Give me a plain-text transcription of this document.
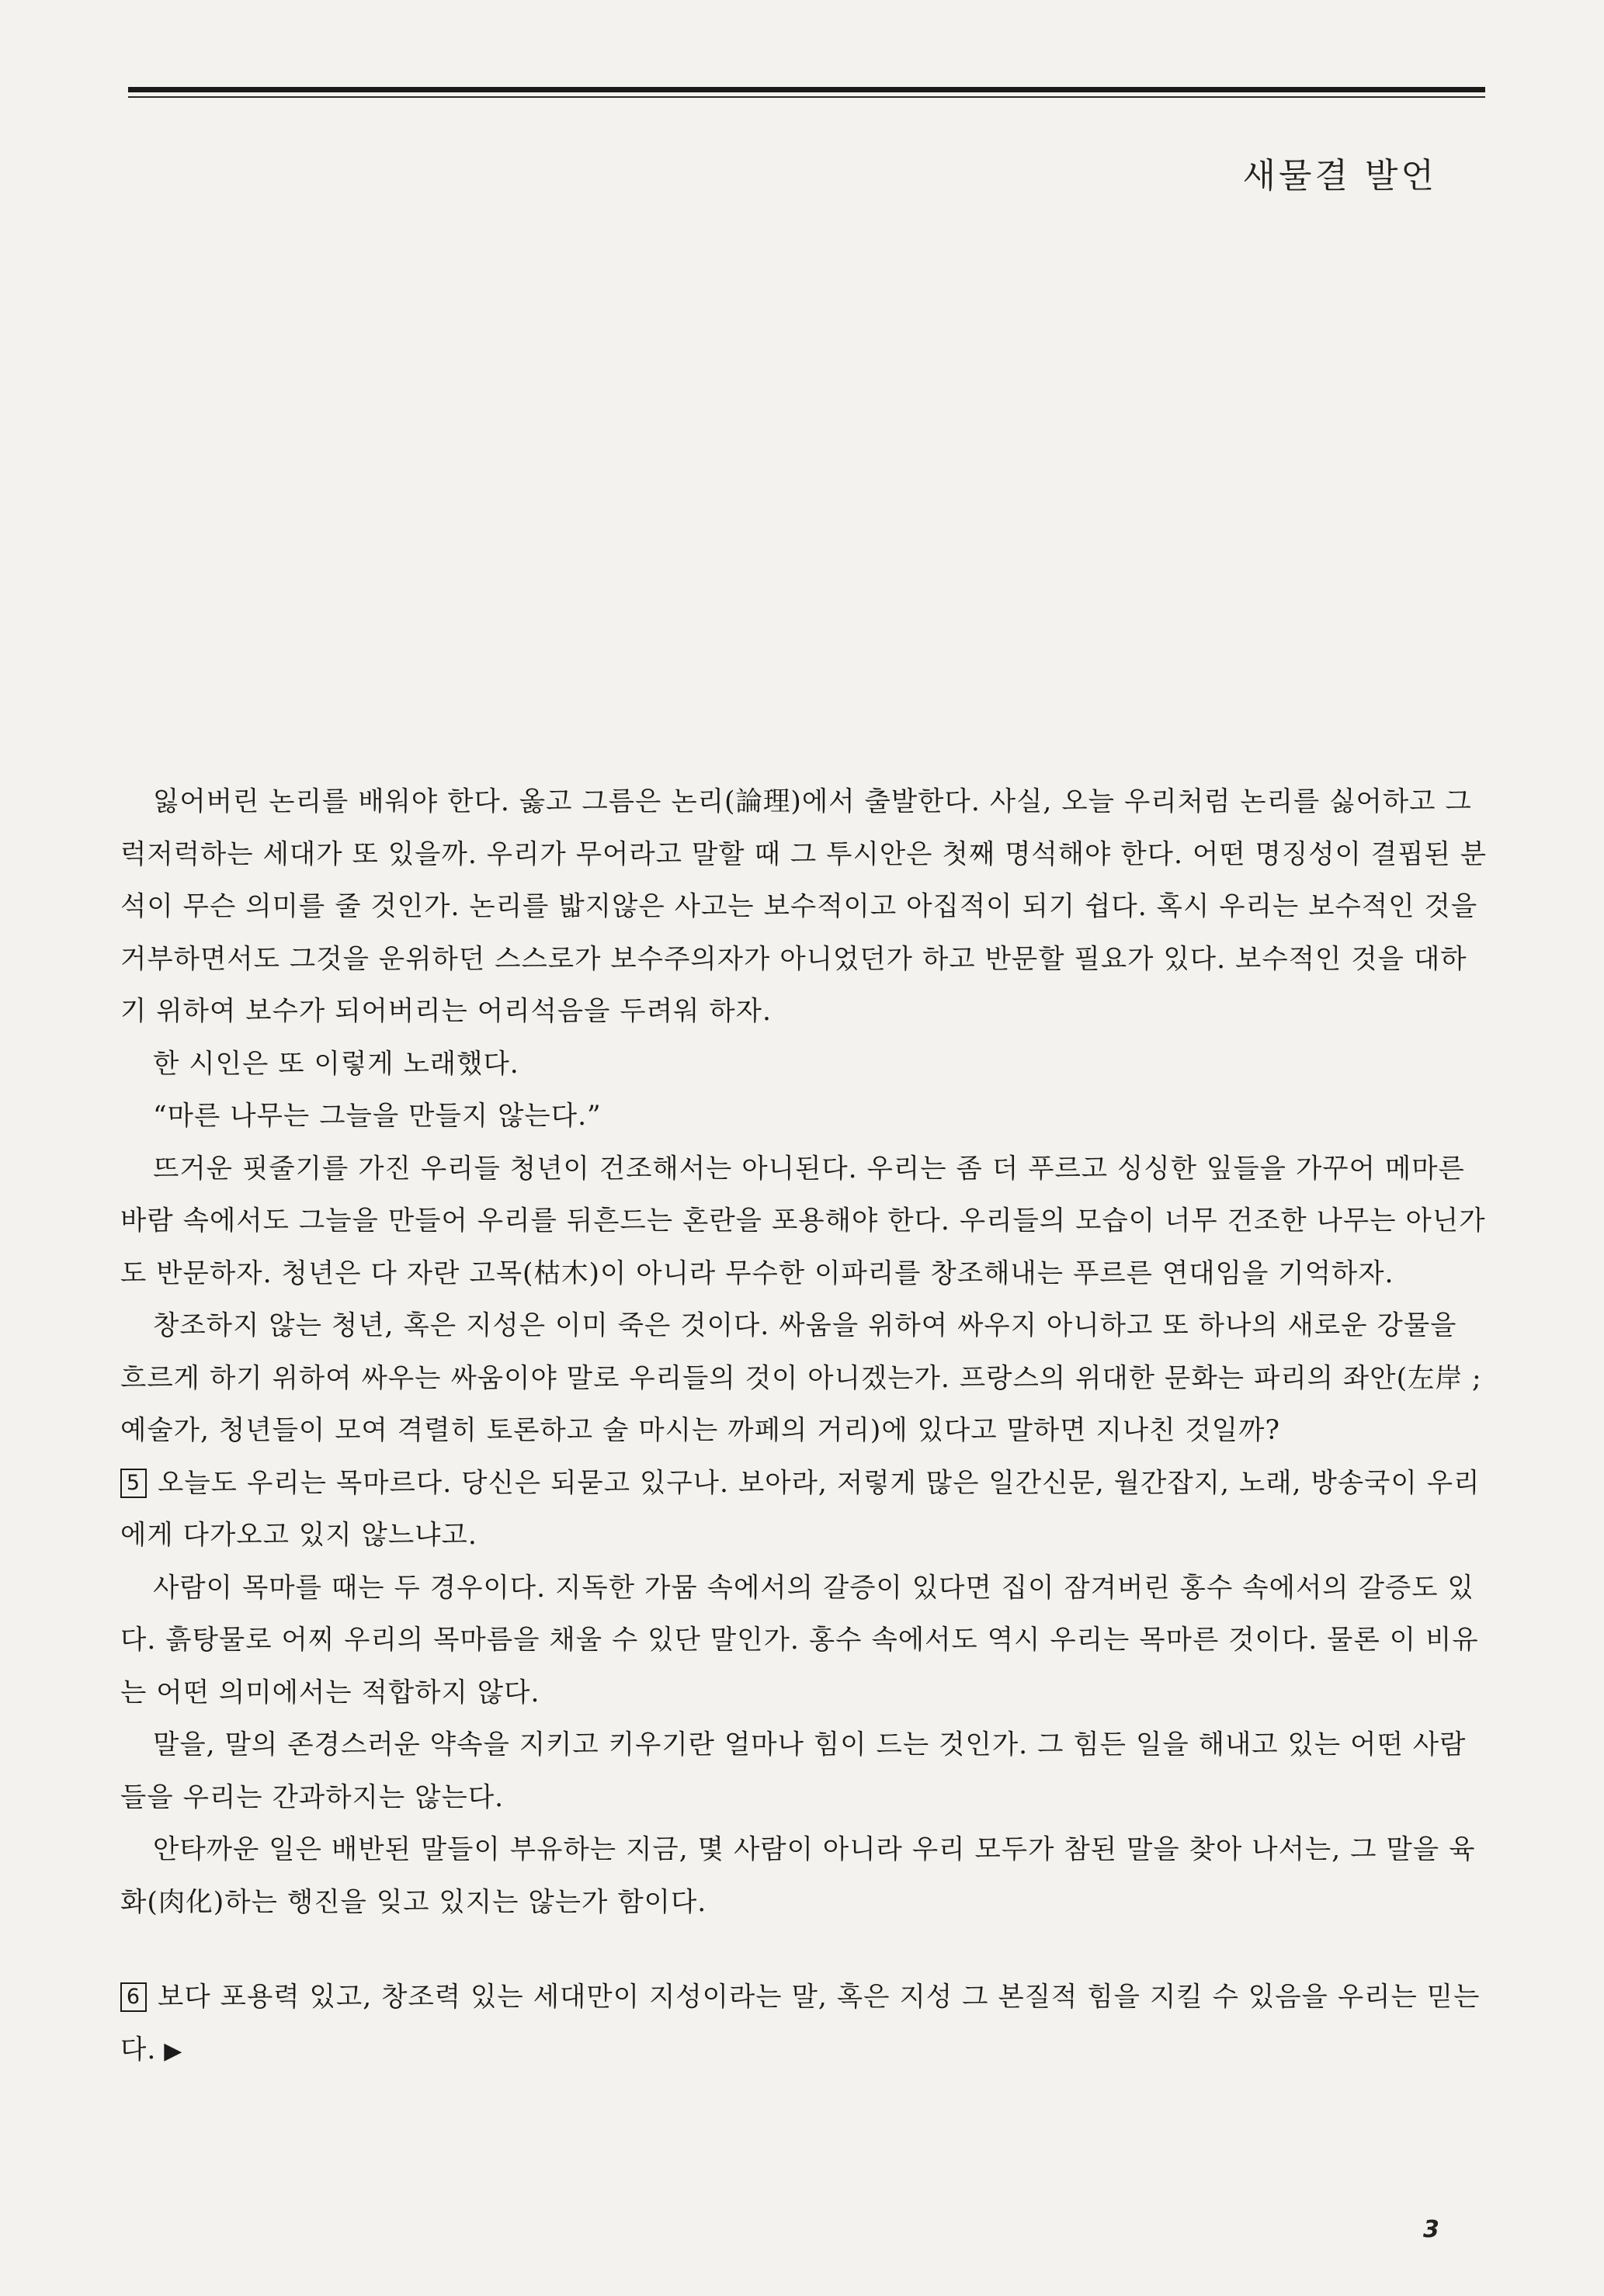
새물결 발언

잃어버린 논리를 배워야 한다. 옳고 그름은 논리(論理)에서 출발한다. 사실, 오늘 우리처럼 논리를 싫어하고 그럭저럭하는 세대가 또 있을까. 우리가 무어라고 말할 때 그 투시안은 첫째 명석해야 한다. 어떤 명징성이 결핍된 분석이 무슨 의미를 줄 것인가. 논리를 밟지않은 사고는 보수적이고 아집적이 되기 쉽다. 혹시 우리는 보수적인 것을 거부하면서도 그것을 운위하던 스스로가 보수주의자가 아니었던가 하고 반문할 필요가 있다. 보수적인 것을 대하기 위하여 보수가 되어버리는 어리석음을 두려워 하자.

한 시인은 또 이렇게 노래했다.

“마른 나무는 그늘을 만들지 않는다.”

뜨거운 핏줄기를 가진 우리들 청년이 건조해서는 아니된다. 우리는 좀 더 푸르고 싱싱한 잎들을 가꾸어 메마른 바람 속에서도 그늘을 만들어 우리를 뒤흔드는 혼란을 포용해야 한다. 우리들의 모습이 너무 건조한 나무는 아닌가도 반문하자. 청년은 다 자란 고목(枯木)이 아니라 무수한 이파리를 창조해내는 푸르른 연대임을 기억하자.

창조하지 않는 청년, 혹은 지성은 이미 죽은 것이다. 싸움을 위하여 싸우지 아니하고 또 하나의 새로운 강물을 흐르게 하기 위하여 싸우는 싸움이야 말로 우리들의 것이 아니겠는가. 프랑스의 위대한 문화는 파리의 좌안(左岸 ; 예술가, 청년들이 모여 격렬히 토론하고 술 마시는 까페의 거리)에 있다고 말하면 지나친 것일까?

5 오늘도 우리는 목마르다. 당신은 되묻고 있구나. 보아라, 저렇게 많은 일간신문, 월간잡지, 노래, 방송국이 우리에게 다가오고 있지 않느냐고.

사람이 목마를 때는 두 경우이다. 지독한 가뭄 속에서의 갈증이 있다면 집이 잠겨버린 홍수 속에서의 갈증도 있다. 흙탕물로 어찌 우리의 목마름을 채울 수 있단 말인가. 홍수 속에서도 역시 우리는 목마른 것이다. 물론 이 비유는 어떤 의미에서는 적합하지 않다.

말을, 말의 존경스러운 약속을 지키고 키우기란 얼마나 힘이 드는 것인가. 그 힘든 일을 해내고 있는 어떤 사람들을 우리는 간과하지는 않는다.

안타까운 일은 배반된 말들이 부유하는 지금, 몇 사람이 아니라 우리 모두가 참된 말을 찾아 나서는, 그 말을 육화(肉化)하는 행진을 잊고 있지는 않는가 함이다.

6 보다 포용력 있고, 창조력 있는 세대만이 지성이라는 말, 혹은 지성 그 본질적 힘을 지킬 수 있음을 우리는 믿는다. ▶

3
